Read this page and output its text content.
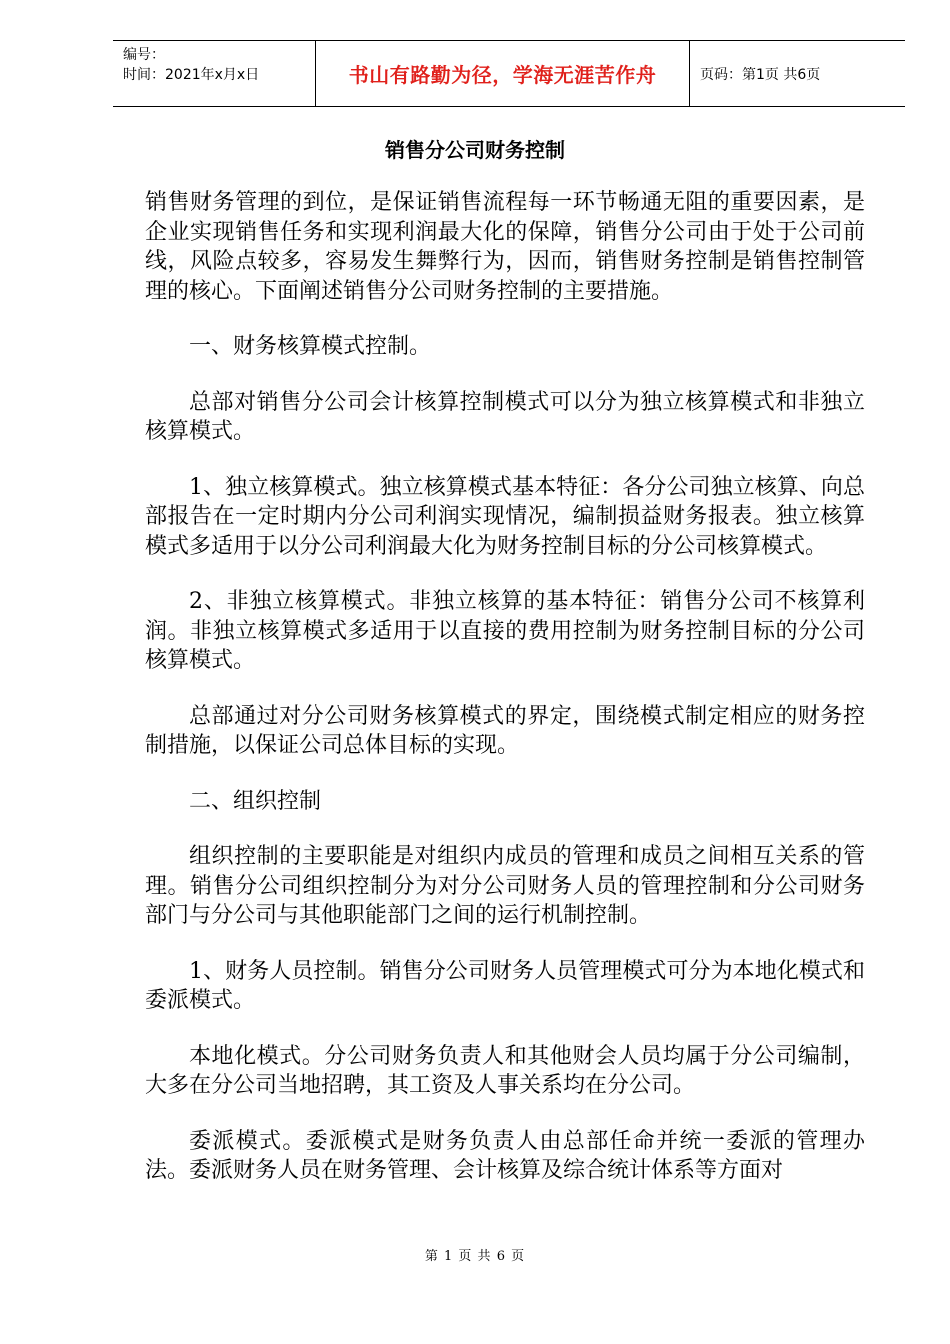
编号：
时间：2021年x月x日	书山有路勤为径，学海无涯苦作舟	页码：第1页 共6页
销售分公司财务控制

销售财务管理的到位，是保证销售流程每一环节畅通无阻的重要因素，是企业实现销售任务和实现利润最大化的保障，销售分公司由于处于公司前线，风险点较多，容易发生舞弊行为，因而，销售财务控制是销售控制管理的核心。下面阐述销售分公司财务控制的主要措施。

一、财务核算模式控制。

总部对销售分公司会计核算控制模式可以分为独立核算模式和非独立核算模式。

1、独立核算模式。独立核算模式基本特征：各分公司独立核算、向总部报告在一定时期内分公司利润实现情况，编制损益财务报表。独立核算模式多适用于以分公司利润最大化为财务控制目标的分公司核算模式。

2、非独立核算模式。非独立核算的基本特征：销售分公司不核算利润。非独立核算模式多适用于以直接的费用控制为财务控制目标的分公司核算模式。

总部通过对分公司财务核算模式的界定，围绕模式制定相应的财务控制措施，以保证公司总体目标的实现。

二、组织控制

组织控制的主要职能是对组织内成员的管理和成员之间相互关系的管理。销售分公司组织控制分为对分公司财务人员的管理控制和分公司财务部门与分公司与其他职能部门之间的运行机制控制。

1、财务人员控制。销售分公司财务人员管理模式可分为本地化模式和委派模式。

本地化模式。分公司财务负责人和其他财会人员均属于分公司编制，大多在分公司当地招聘，其工资及人事关系均在分公司。

委派模式。委派模式是财务负责人由总部任命并统一委派的管理办法。委派财务人员在财务管理、会计核算及综合统计体系等方面对

第 1 页 共 6 页
